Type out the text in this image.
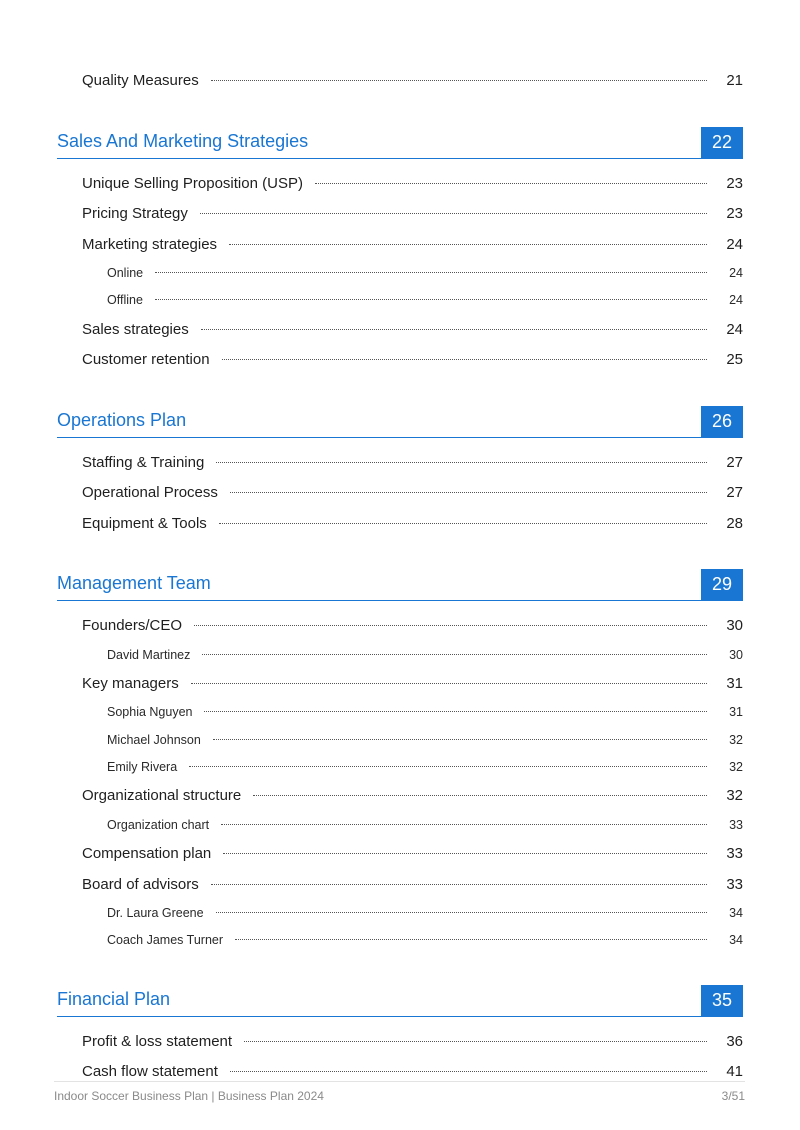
Quality Measures	21
Sales And Marketing Strategies	22
Unique Selling Proposition (USP)	23
Pricing Strategy	23
Marketing strategies	24
Online	24
Offline	24
Sales strategies	24
Customer retention	25
Operations Plan	26
Staffing & Training	27
Operational Process	27
Equipment & Tools	28
Management Team	29
Founders/CEO	30
David Martinez	30
Key managers	31
Sophia Nguyen	31
Michael Johnson	32
Emily Rivera	32
Organizational structure	32
Organization chart	33
Compensation plan	33
Board of advisors	33
Dr. Laura Greene	34
Coach James Turner	34
Financial Plan	35
Profit & loss statement	36
Cash flow statement	41
Indoor Soccer Business Plan | Business Plan 2024	3/51
